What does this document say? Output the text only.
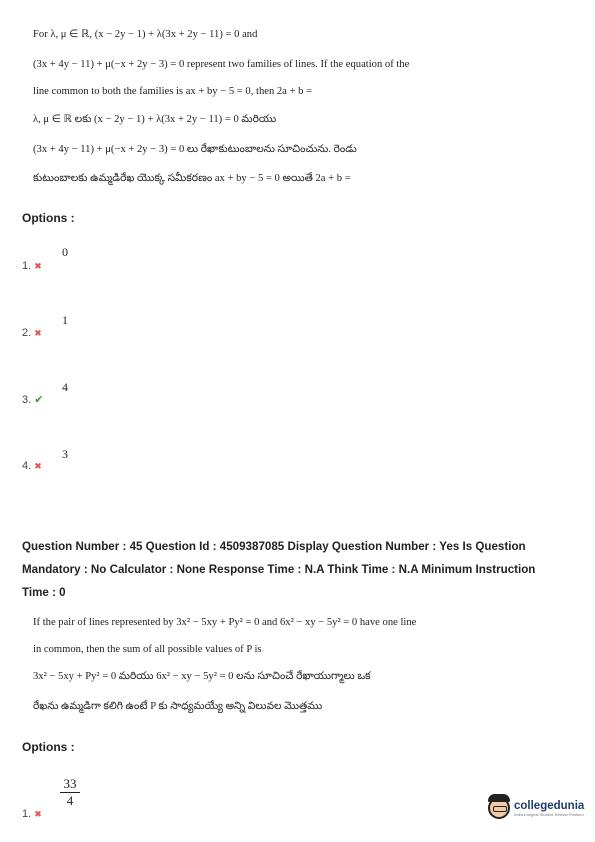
For λ, μ ∈ ℝ, (x − 2y − 1) + λ(3x + 2y − 11) = 0 and
(3x + 4y − 11) + μ(−x + 2y − 3) = 0 represent two families of lines. If the equation of the
line common to both the families is ax + by − 5 = 0, then 2a + b =
λ, μ ∈ ℝ లకు (x − 2y − 1) + λ(3x + 2y − 11) = 0 మరియు
(3x + 4y − 11) + μ(−x + 2y − 3) = 0 లు రేఖాకుటుంబాలను సూచించును. రెండు
కుటుంబాలకు ఉమ్మడిరేఖ యొక్క సమీకరణం ax + by − 5 = 0 అయితే 2a + b =
Options :
1. ✖
0
2. ✖
1
3. ✔
4
4. ✖
3
Question Number : 45 Question Id : 4509387085 Display Question Number : Yes Is Question
Mandatory : No Calculator : None Response Time : N.A Think Time : N.A Minimum Instruction
Time : 0
If the pair of lines represented by 3x² − 5xy + Py² = 0 and 6x² − xy − 5y² = 0 have one line
in common, then the sum of all possible values of P is
3x² − 5xy + Py² = 0 మరియు 6x² − xy − 5y² = 0 లను సూచించే రేఖాయుగ్మాలు ఒక
రేఖను ఉమ్మడిగా కలిగి ఉంటే P కు సాధ్యమయ్యే అన్ని విలువల మొత్తము
Options :
$\frac{33}{4}$
1. ✖
collegedunia
India's largest Student Review Platform
